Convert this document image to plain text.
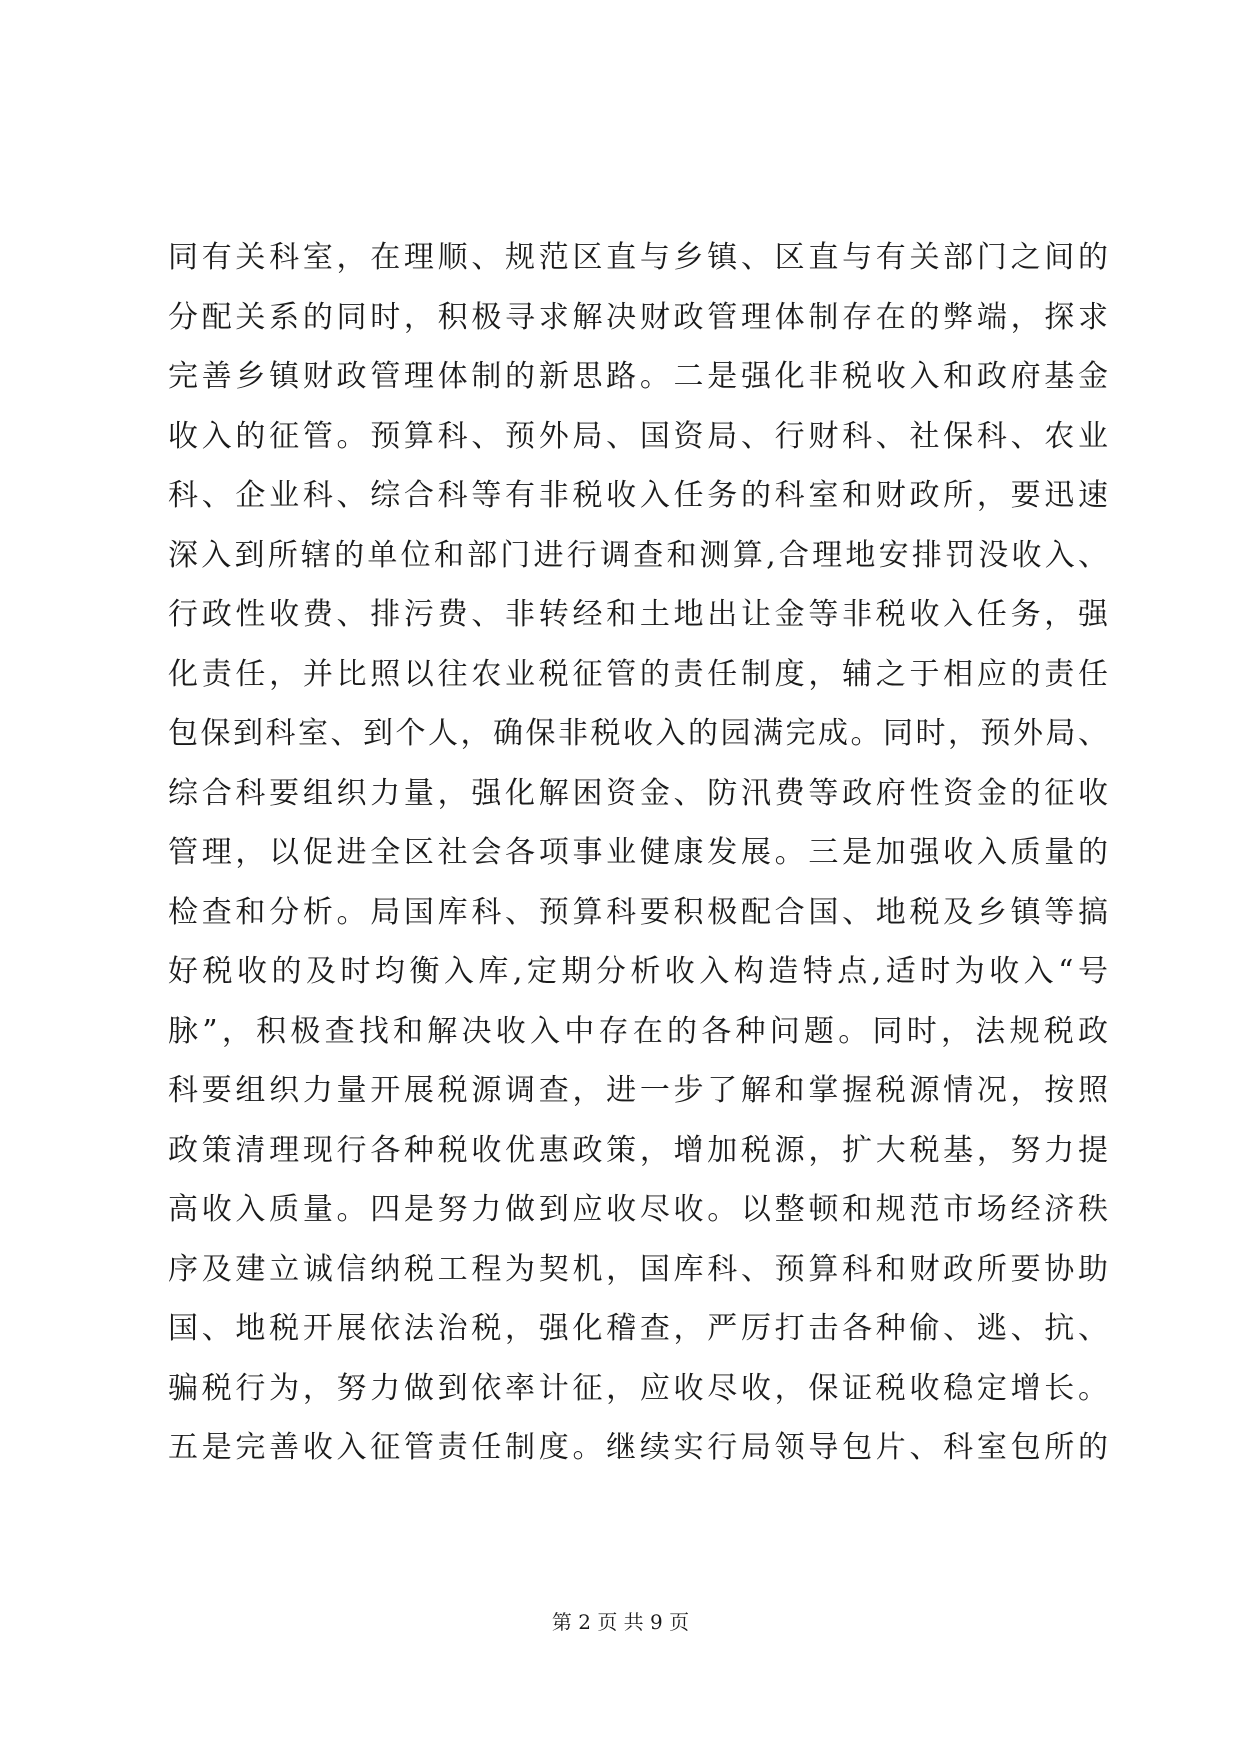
同有关科室，在理顺、规范区直与乡镇、区直与有关部门之间的
分配关系的同时，积极寻求解决财政管理体制存在的弊端，探求
完善乡镇财政管理体制的新思路。二是强化非税收入和政府基金
收入的征管。预算科、预外局、国资局、行财科、社保科、农业
科、企业科、综合科等有非税收入任务的科室和财政所，要迅速
深入到所辖的单位和部门进行调查和测算,合理地安排罚没收入、
行政性收费、排污费、非转经和土地出让金等非税收入任务，强
化责任，并比照以往农业税征管的责任制度，辅之于相应的责任
包保到科室、到个人，确保非税收入的园满完成。同时，预外局、
综合科要组织力量，强化解困资金、防汛费等政府性资金的征收
管理，以促进全区社会各项事业健康发展。三是加强收入质量的
检查和分析。局国库科、预算科要积极配合国、地税及乡镇等搞
好税收的及时均衡入库,定期分析收入构造特点,适时为收入“号
脉”，积极查找和解决收入中存在的各种问题。同时，法规税政
科要组织力量开展税源调查，进一步了解和掌握税源情况，按照
政策清理现行各种税收优惠政策，增加税源，扩大税基，努力提
高收入质量。四是努力做到应收尽收。以整顿和规范市场经济秩
序及建立诚信纳税工程为契机，国库科、预算科和财政所要协助
国、地税开展依法治税，强化稽查，严厉打击各种偷、逃、抗、
骗税行为，努力做到依率计征，应收尽收，保证税收稳定增长。
五是完善收入征管责任制度。继续实行局领导包片、科室包所的
第 2 页 共 9 页
